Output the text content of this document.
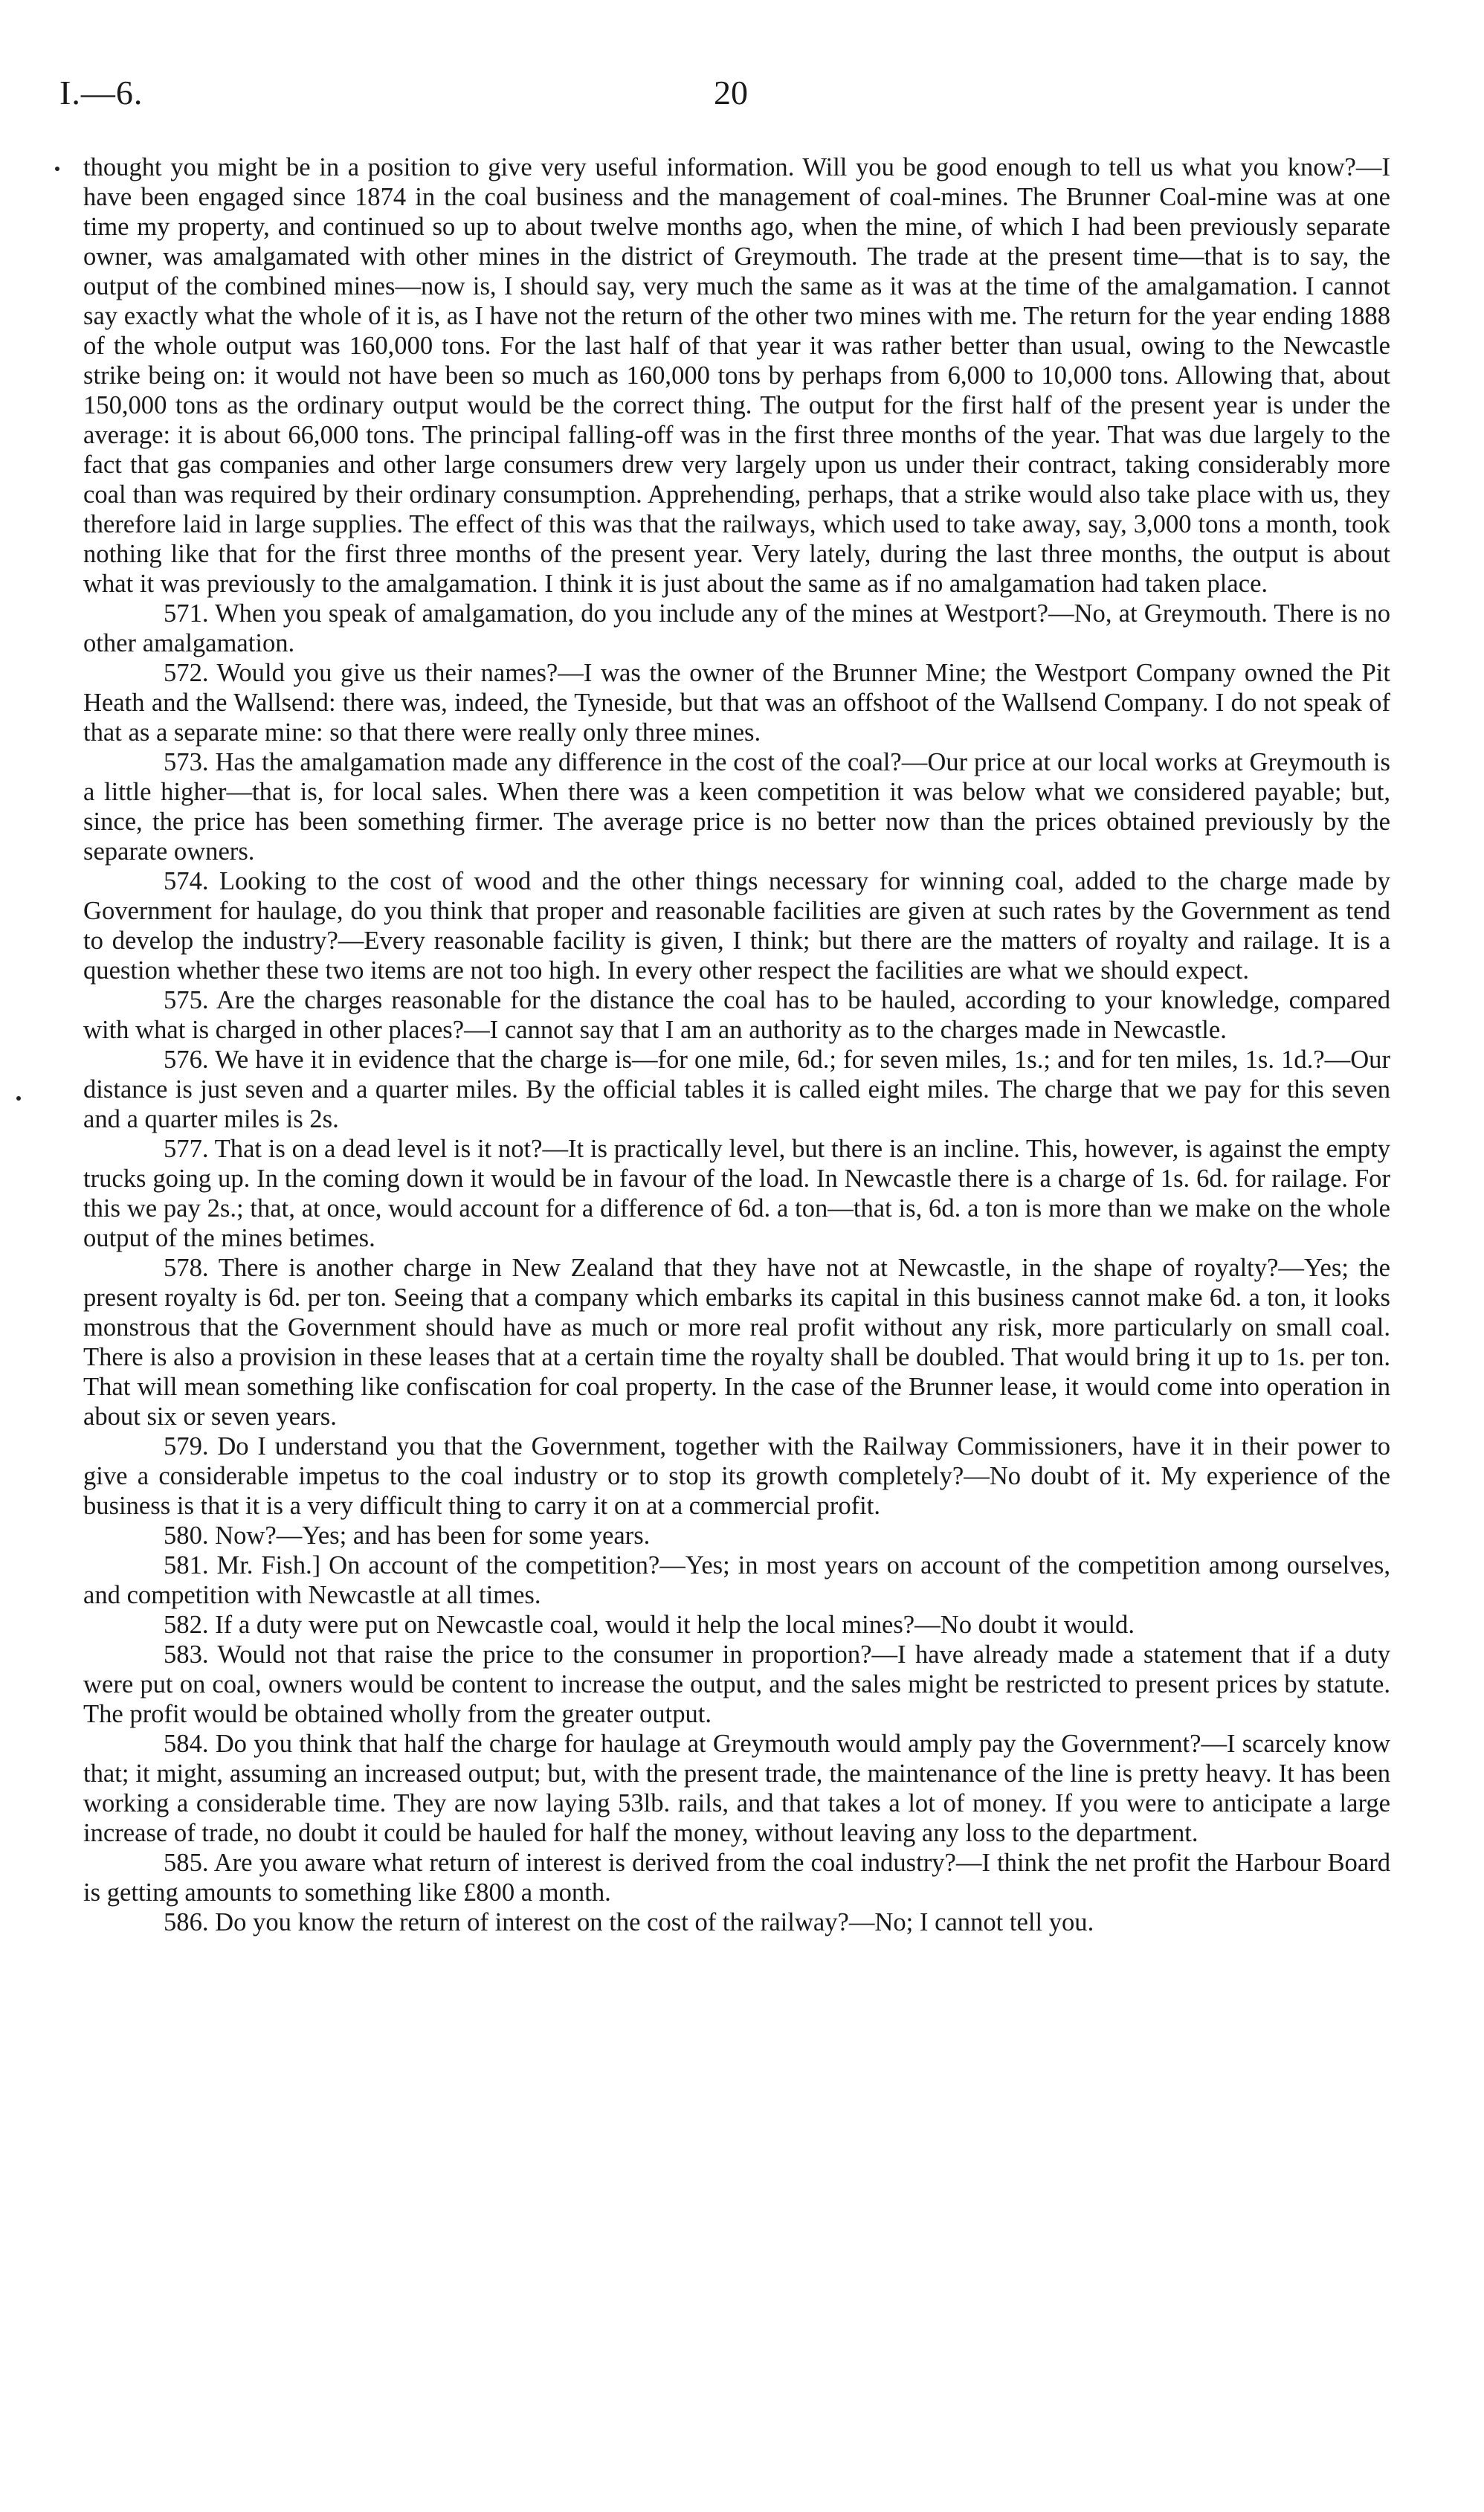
I.—6.	20

thought you might be in a position to give very useful information. Will you be good enough to tell us what you know?—I have been engaged since 1874 in the coal business and the management of coal-mines. The Brunner Coal-mine was at one time my property, and continued so up to about twelve months ago, when the mine, of which I had been previously separate owner, was amalgamated with other mines in the district of Greymouth. The trade at the present time—that is to say, the output of the combined mines—now is, I should say, very much the same as it was at the time of the amalgamation. I cannot say exactly what the whole of it is, as I have not the return of the other two mines with me. The return for the year ending 1888 of the whole output was 160,000 tons. For the last half of that year it was rather better than usual, owing to the Newcastle strike being on: it would not have been so much as 160,000 tons by perhaps from 6,000 to 10,000 tons. Allowing that, about 150,000 tons as the ordinary output would be the correct thing. The output for the first half of the present year is under the average: it is about 66,000 tons. The principal falling-off was in the first three months of the year. That was due largely to the fact that gas companies and other large consumers drew very largely upon us under their contract, taking considerably more coal than was required by their ordinary consumption. Apprehending, perhaps, that a strike would also take place with us, they therefore laid in large supplies. The effect of this was that the railways, which used to take away, say, 3,000 tons a month, took nothing like that for the first three months of the present year. Very lately, during the last three months, the output is about what it was previously to the amalgamation. I think it is just about the same as if no amalgamation had taken place.

571. When you speak of amalgamation, do you include any of the mines at Westport?—No, at Greymouth. There is no other amalgamation.

572. Would you give us their names?—I was the owner of the Brunner Mine; the Westport Company owned the Pit Heath and the Wallsend: there was, indeed, the Tyneside, but that was an offshoot of the Wallsend Company. I do not speak of that as a separate mine: so that there were really only three mines.

573. Has the amalgamation made any difference in the cost of the coal?—Our price at our local works at Greymouth is a little higher—that is, for local sales. When there was a keen competition it was below what we considered payable; but, since, the price has been something firmer. The average price is no better now than the prices obtained previously by the separate owners.

574. Looking to the cost of wood and the other things necessary for winning coal, added to the charge made by Government for haulage, do you think that proper and reasonable facilities are given at such rates by the Government as tend to develop the industry?—Every reasonable facility is given, I think; but there are the matters of royalty and railage. It is a question whether these two items are not too high. In every other respect the facilities are what we should expect.

575. Are the charges reasonable for the distance the coal has to be hauled, according to your knowledge, compared with what is charged in other places?—I cannot say that I am an authority as to the charges made in Newcastle.

576. We have it in evidence that the charge is—for one mile, 6d.; for seven miles, 1s.; and for ten miles, 1s. 1d.?—Our distance is just seven and a quarter miles. By the official tables it is called eight miles. The charge that we pay for this seven and a quarter miles is 2s.

577. That is on a dead level is it not?—It is practically level, but there is an incline. This, however, is against the empty trucks going up. In the coming down it would be in favour of the load. In Newcastle there is a charge of 1s. 6d. for railage. For this we pay 2s.; that, at once, would account for a difference of 6d. a ton—that is, 6d. a ton is more than we make on the whole output of the mines betimes.

578. There is another charge in New Zealand that they have not at Newcastle, in the shape of royalty?—Yes; the present royalty is 6d. per ton. Seeing that a company which embarks its capital in this business cannot make 6d. a ton, it looks monstrous that the Government should have as much or more real profit without any risk, more particularly on small coal. There is also a provision in these leases that at a certain time the royalty shall be doubled. That would bring it up to 1s. per ton. That will mean something like confiscation for coal property. In the case of the Brunner lease, it would come into operation in about six or seven years.

579. Do I understand you that the Government, together with the Railway Commissioners, have it in their power to give a considerable impetus to the coal industry or to stop its growth completely?—No doubt of it. My experience of the business is that it is a very difficult thing to carry it on at a commercial profit.

580. Now?—Yes; and has been for some years.

581. Mr. Fish.] On account of the competition?—Yes; in most years on account of the competition among ourselves, and competition with Newcastle at all times.

582. If a duty were put on Newcastle coal, would it help the local mines?—No doubt it would.

583. Would not that raise the price to the consumer in proportion?—I have already made a statement that if a duty were put on coal, owners would be content to increase the output, and the sales might be restricted to present prices by statute. The profit would be obtained wholly from the greater output.

584. Do you think that half the charge for haulage at Greymouth would amply pay the Government?—I scarcely know that; it might, assuming an increased output; but, with the present trade, the maintenance of the line is pretty heavy. It has been working a considerable time. They are now laying 53lb. rails, and that takes a lot of money. If you were to anticipate a large increase of trade, no doubt it could be hauled for half the money, without leaving any loss to the department.

585. Are you aware what return of interest is derived from the coal industry?—I think the net profit the Harbour Board is getting amounts to something like £800 a month.

586. Do you know the return of interest on the cost of the railway?—No; I cannot tell you.
